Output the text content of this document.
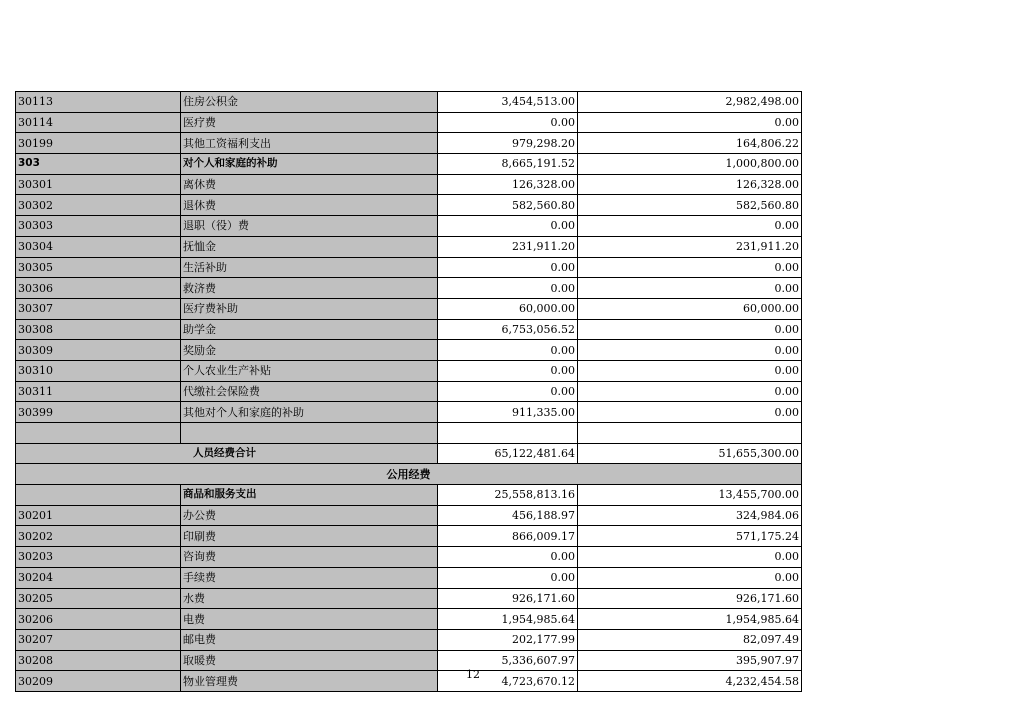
30113	住房公积金	3,454,513.00	2,982,498.00
30114	医疗费	0.00	0.00
30199	其他工资福利支出	979,298.20	164,806.22
303	对个人和家庭的补助	8,665,191.52	1,000,800.00
30301	离休费	126,328.00	126,328.00
30302	退休费	582,560.80	582,560.80
30303	退职（役）费	0.00	0.00
30304	抚恤金	231,911.20	231,911.20
30305	生活补助	0.00	0.00
30306	救济费	0.00	0.00
30307	医疗费补助	60,000.00	60,000.00
30308	助学金	6,753,056.52	0.00
30309	奖励金	0.00	0.00
30310	个人农业生产补贴	0.00	0.00
30311	代缴社会保险费	0.00	0.00
30399	其他对个人和家庭的补助	911,335.00	0.00

	人员经费合计	65,122,481.64	51,655,300.00
公用经费			
	商品和服务支出	25,558,813.16	13,455,700.00
30201	办公费	456,188.97	324,984.06
30202	印刷费	866,009.17	571,175.24
30203	咨询费	0.00	0.00
30204	手续费	0.00	0.00
30205	水费	926,171.60	926,171.60
30206	电费	1,954,985.64	1,954,985.64
30207	邮电费	202,177.99	82,097.49
30208	取暖费	5,336,607.97	395,907.97
30209	物业管理费	4,723,670.12	4,232,454.58
12
